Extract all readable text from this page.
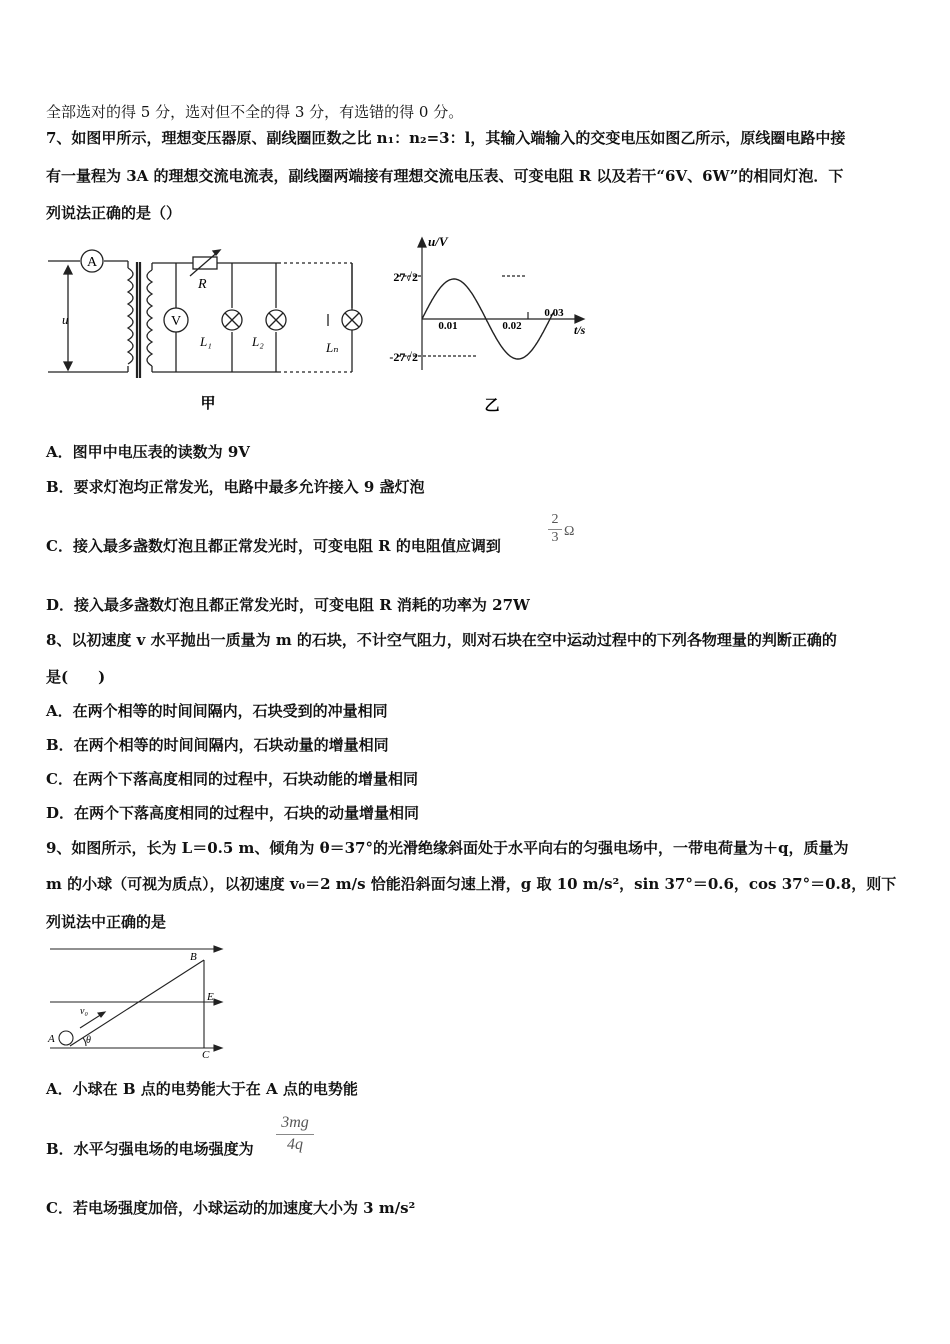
全部选对的得 5 分，选对但不全的得 3 分，有选错的得 0 分。
7、如图甲所示，理想变压器原、副线圈匝数之比 n₁：n₂=3：l，其输入端输入的交变电压如图乙所示，原线圈电路中接
有一量程为 3A 的理想交流电流表，副线圈两端接有理想交流电压表、可变电阻 R 以及若干“6V、6W”的相同灯泡．下
列说法正确的是（）
A
V
u
R
L₁	L₂	Lₙ
甲
u/V
t/s
27√2
-27√2
0.01	0.02
0.03
乙
A．图甲中电压表的读数为 9V
B．要求灯泡均正常发光，电路中最多允许接入 9 盏灯泡
C．接入最多盏数灯泡且都正常发光时，可变电阻 R 的电阻值应调到	$\frac{2}{3}$ Ω
D．接入最多盏数灯泡且都正常发光时，可变电阻 R 消耗的功率为 27W
8、以初速度 v 水平抛出一质量为 m 的石块，不计空气阻力，则对石块在空中运动过程中的下列各物理量的判断正确的
是(　　)
A．在两个相等的时间间隔内，石块受到的冲量相同
B．在两个相等的时间间隔内，石块动量的增量相同
C．在两个下落高度相同的过程中，石块动能的增量相同
D．在两个下落高度相同的过程中，石块的动量增量相同
9、如图所示，长为 L＝0.5 m、倾角为 θ＝37°的光滑绝缘斜面处于水平向右的匀强电场中，一带电荷量为＋q，质量为
m 的小球（可视为质点），以初速度 v₀＝2 m/s 恰能沿斜面匀速上滑，g 取 10 m/s²，sin 37°＝0.6，cos 37°＝0.8，则下
列说法中正确的是
A
B
C
E
v₀
θ
A．小球在 B 点的电势能大于在 A 点的电势能
B．水平匀强电场的电场强度为 $\frac{3mg}{4q}$
C．若电场强度加倍，小球运动的加速度大小为 3 m/s²
